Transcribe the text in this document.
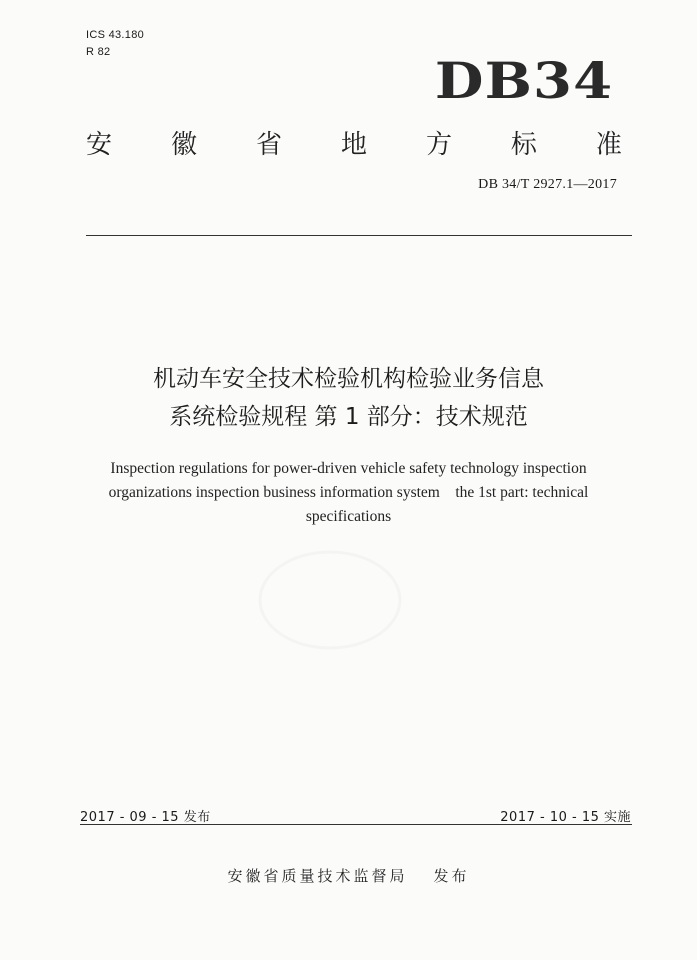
ICS 43.180
R 82	DB34
安 徽 省 地 方 标 准
DB 34/T 2927.1—2017
机动车安全技术检验机构检验业务信息
系统检验规程 第 1 部分：技术规范
Inspection regulations for power-driven vehicle safety technology inspection
organizations inspection business information system    the 1st part: technical
specifications
2017 - 09 - 15 发布	2017 - 10 - 15 实施
安徽省质量技术监督局 发布
